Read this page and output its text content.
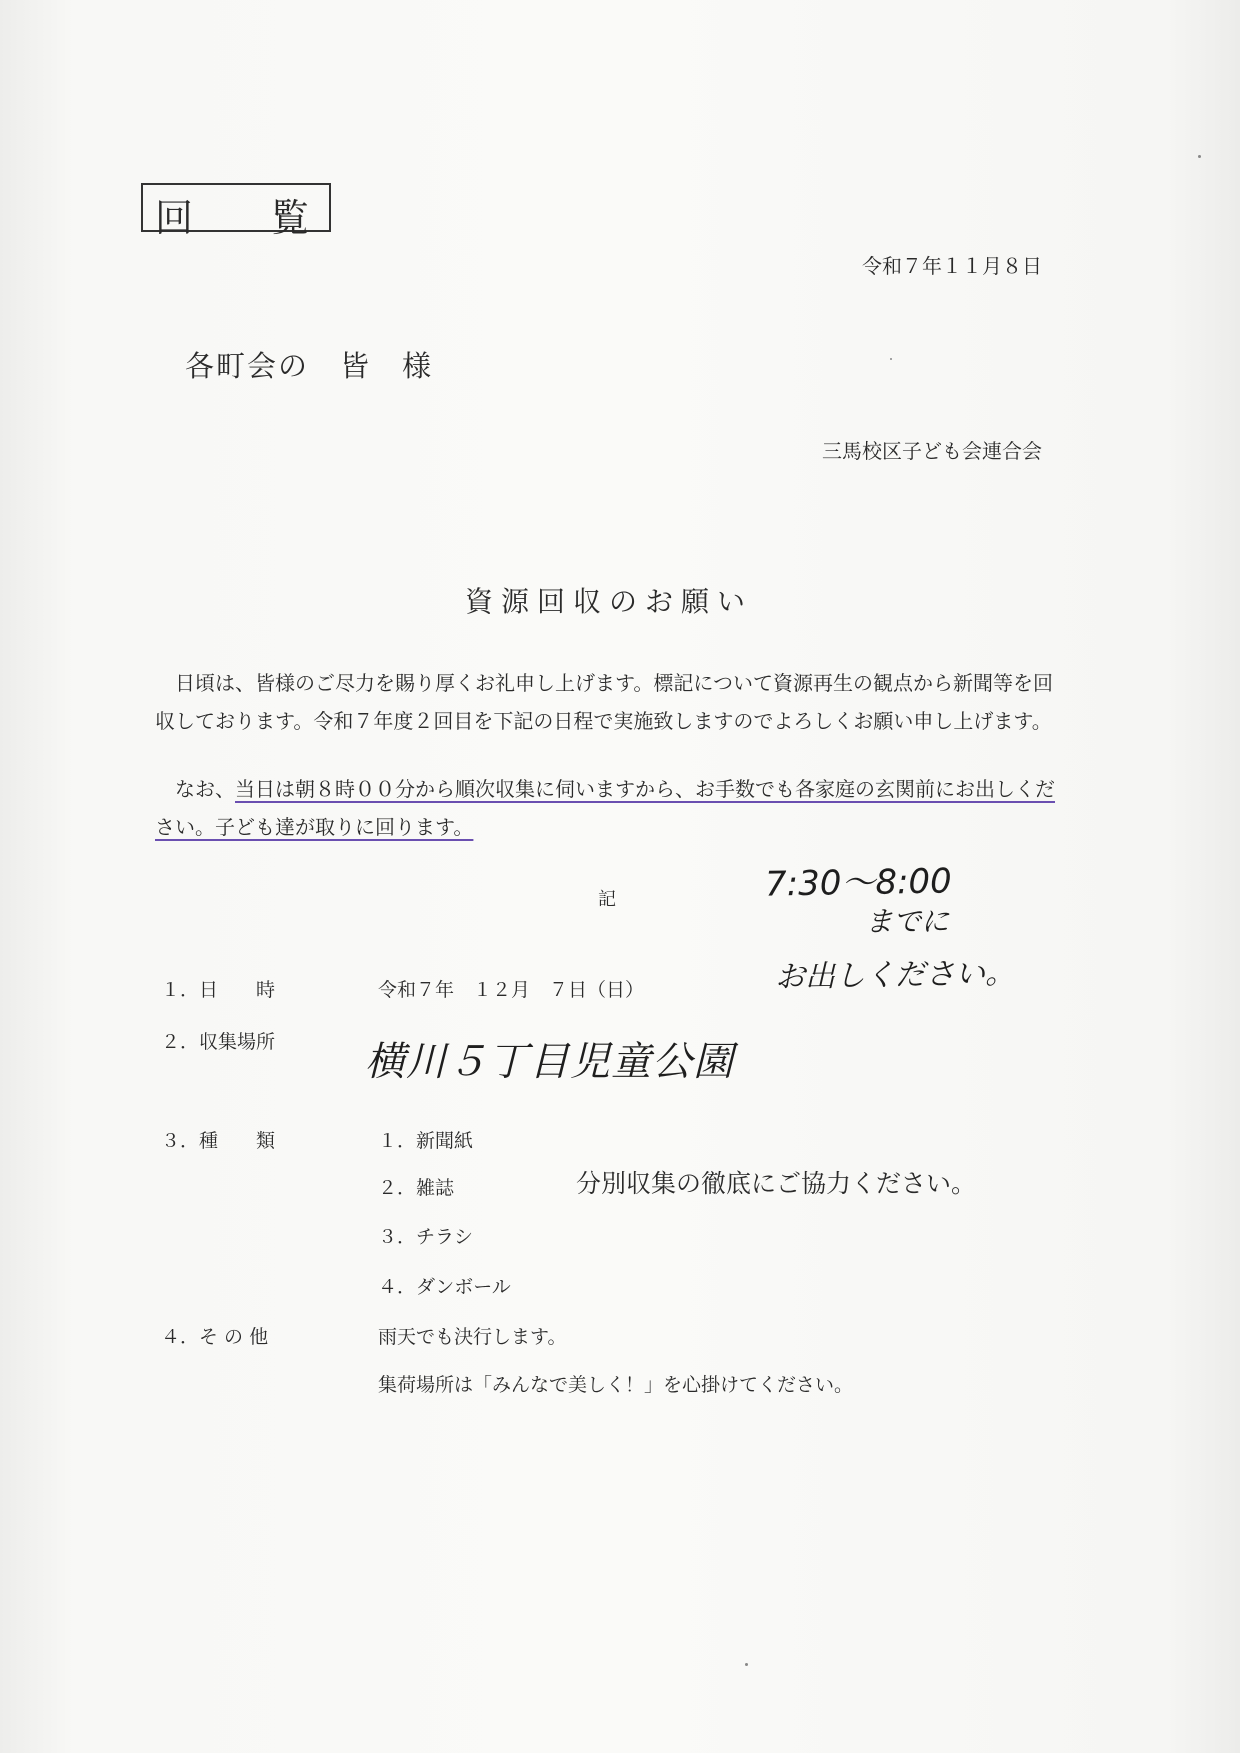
回 覧
令和７年１１月８日
各町会の　皆　様
三馬校区子ども会連合会
資源回収のお願い
日頃は、皆様のご尽力を賜り厚くお礼申し上げます。標記について資源再生の観点から新聞等を回収しております。令和７年度２回目を下記の日程で実施致しますのでよろしくお願い申し上げます。
なお、当日は朝８時００分から順次収集に伺いますから、お手数でも各家庭の玄関前にお出しください。子ども達が取りに回ります。
記	7:30〜8:00
までに
お出しください。
１．日　　時	令和７年　１２月　７日（日）
２．収集場所 横川５丁目児童公園
３．種　　類	１．新聞紙
２．雑誌	分別収集の徹底にご協力ください。
３．チラシ
４．ダンボール
４．そ の 他	雨天でも決行します。
集荷場所は「みんなで美しく！」を心掛けてください。
